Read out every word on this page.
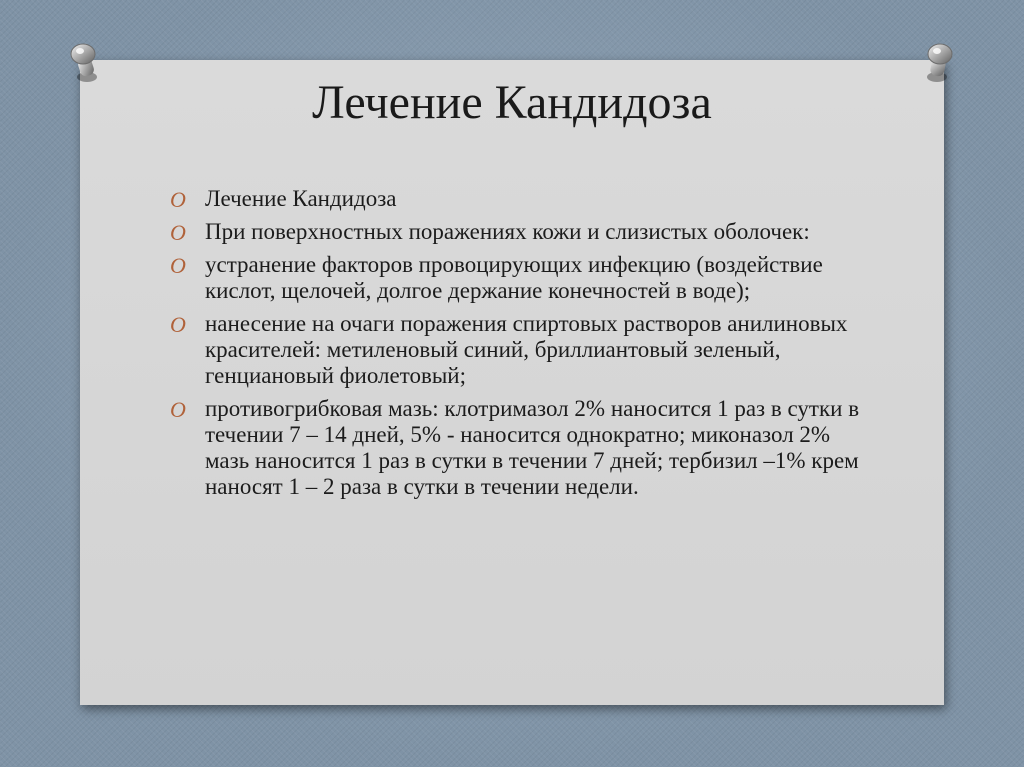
Лечение Кандидоза
O Лечение Кандидоза
O При поверхностных поражениях кожи и слизистых оболочек:
O устранение факторов провоцирующих инфекцию (воздействие кислот, щелочей, долгое держание конечностей в воде);
O нанесение на очаги поражения спиртовых растворов анилиновых красителей: метиленовый синий, бриллиантовый зеленый, генциановый фиолетовый;
O противогрибковая мазь: клотримазол 2% наносится 1 раз в сутки в течении 7 – 14 дней, 5% - наносится однократно; миконазол 2% мазь наносится 1 раз в сутки в течении 7 дней; тербизил –1% крем наносят 1 – 2 раза в сутки в течении недели.
